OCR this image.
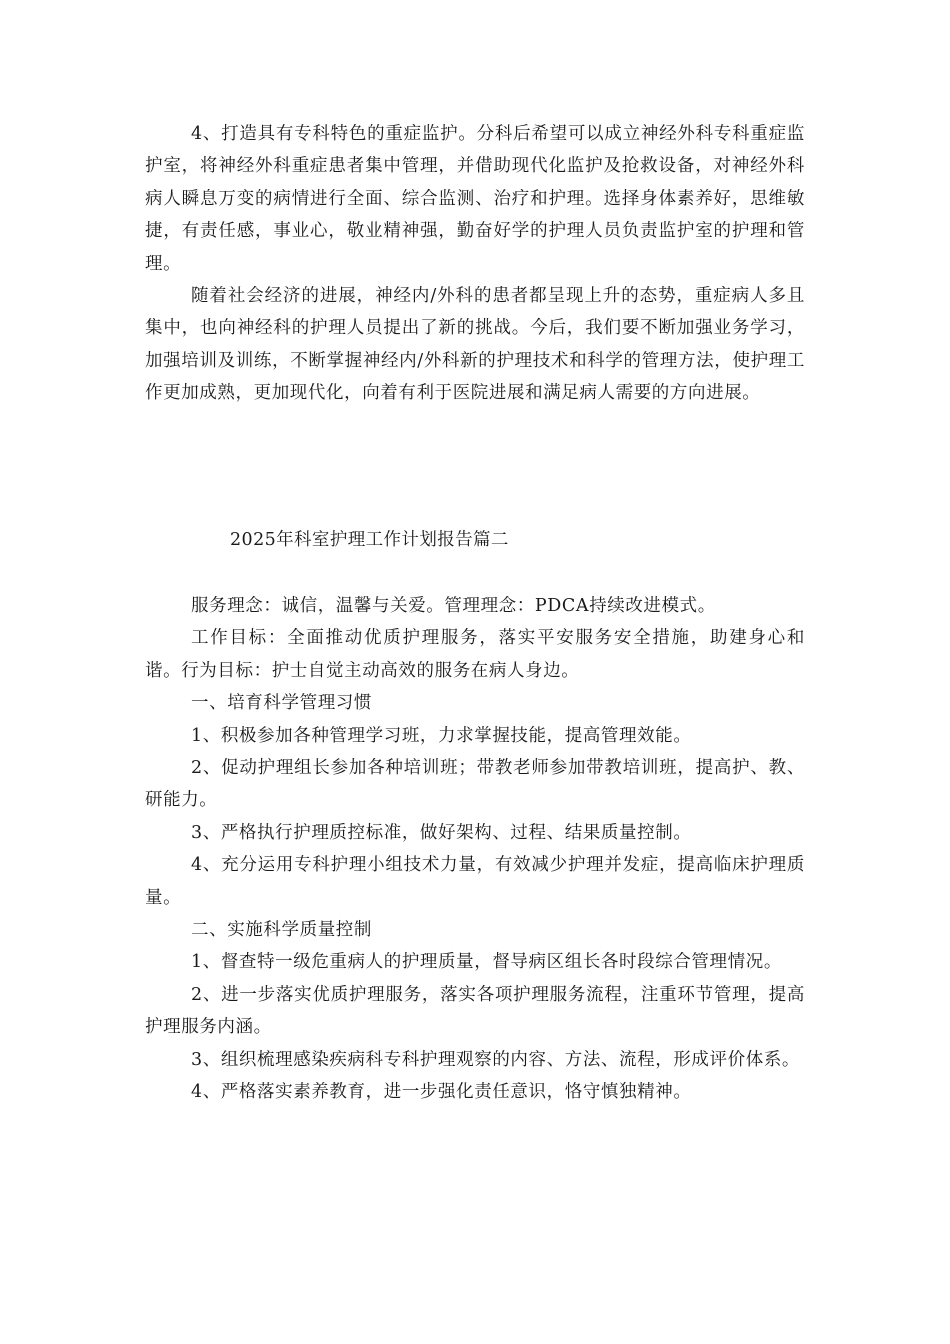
4、打造具有专科特色的重症监护。分科后希望可以成立神经外科专科重症监护室，将神经外科重症患者集中管理，并借助现代化监护及抢救设备，对神经外科病人瞬息万变的病情进行全面、综合监测、治疗和护理。选择身体素养好，思维敏捷，有责任感，事业心，敬业精神强，勤奋好学的护理人员负责监护室的护理和管理。

随着社会经济的进展，神经内/外科的患者都呈现上升的态势，重症病人多且集中，也向神经科的护理人员提出了新的挑战。今后，我们要不断加强业务学习，加强培训及训练，不断掌握神经内/外科新的护理技术和科学的管理方法，使护理工作更加成熟，更加现代化，向着有利于医院进展和满足病人需要的方向进展。

2025年科室护理工作计划报告篇二

服务理念：诚信，温馨与关爱。管理理念：PDCA持续改进模式。

工作目标：全面推动优质护理服务，落实平安服务安全措施，助建身心和谐。行为目标：护士自觉主动高效的服务在病人身边。

一、培育科学管理习惯

1、积极参加各种管理学习班，力求掌握技能，提高管理效能。

2、促动护理组长参加各种培训班；带教老师参加带教培训班，提高护、教、研能力。

3、严格执行护理质控标准，做好架构、过程、结果质量控制。

4、充分运用专科护理小组技术力量，有效减少护理并发症，提高临床护理质量。

二、实施科学质量控制

1、督查特一级危重病人的护理质量，督导病区组长各时段综合管理情况。

2、进一步落实优质护理服务，落实各项护理服务流程，注重环节管理，提高护理服务内涵。

3、组织梳理感染疾病科专科护理观察的内容、方法、流程，形成评价体系。

4、严格落实素养教育，进一步强化责任意识，恪守慎独精神。
